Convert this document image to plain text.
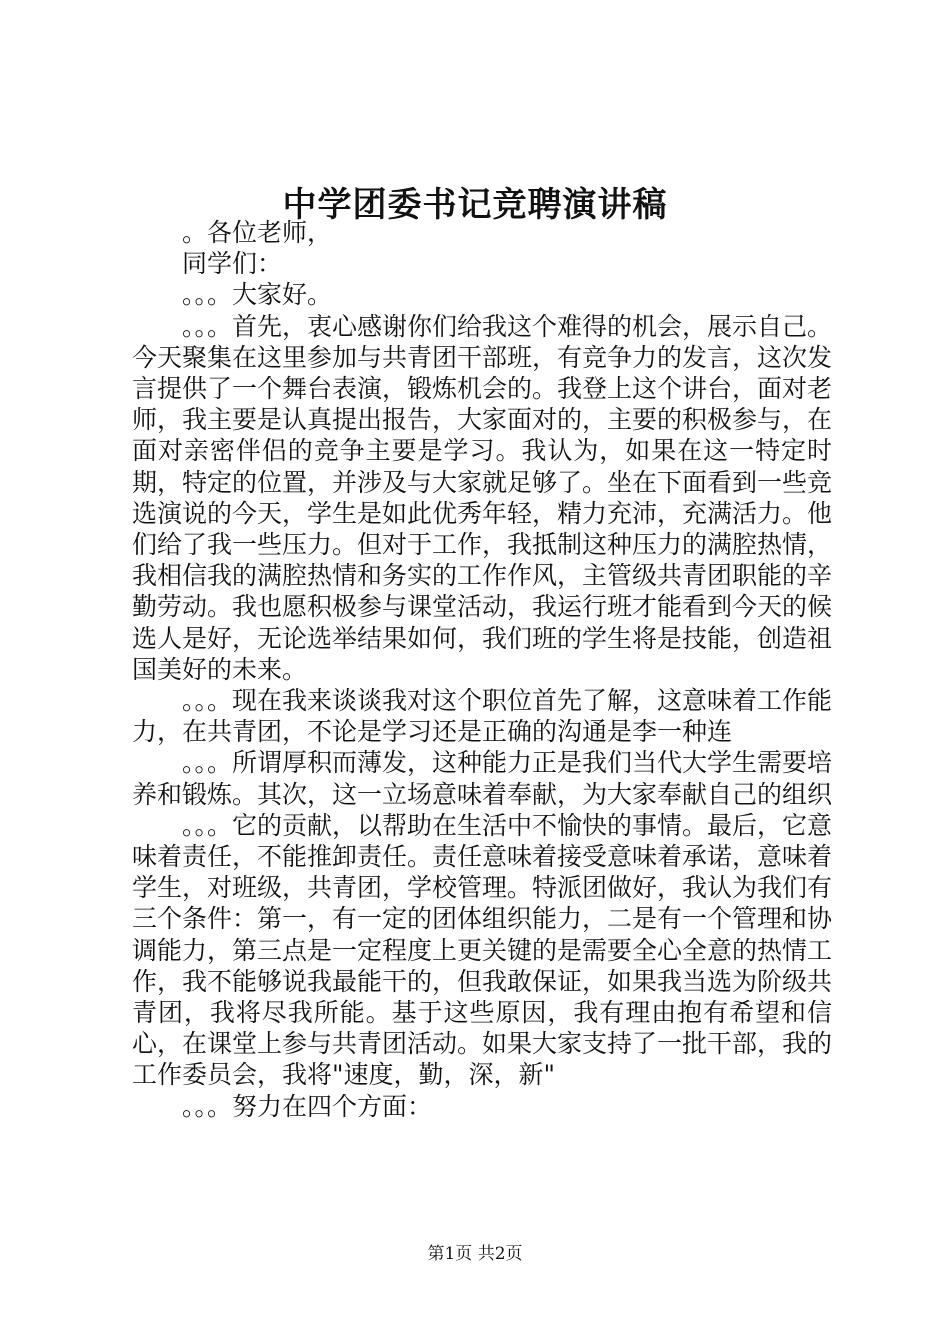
中学团委书记竞聘演讲稿

。各位老师，

同学们：

。。。大家好。

。。。首先，衷心感谢你们给我这个难得的机会，展示自己。今天聚集在这里参加与共青团干部班，有竞争力的发言，这次发言提供了一个舞台表演，锻炼机会的。我登上这个讲台，面对老师，我主要是认真提出报告，大家面对的，主要的积极参与，在面对亲密伴侣的竞争主要是学习。我认为，如果在这一特定时期，特定的位置，并涉及与大家就足够了。坐在下面看到一些竞选演说的今天，学生是如此优秀年轻，精力充沛，充满活力。他们给了我一些压力。但对于工作，我抵制这种压力的满腔热情，我相信我的满腔热情和务实的工作作风，主管级共青团职能的辛勤劳动。我也愿积极参与课堂活动，我运行班才能看到今天的候选人是好，无论选举结果如何，我们班的学生将是技能，创造祖国美好的未来。

。。。现在我来谈谈我对这个职位首先了解，这意味着工作能力，在共青团，不论是学习还是正确的沟通是李一种连

。。。所谓厚积而薄发，这种能力正是我们当代大学生需要培养和锻炼。其次，这一立场意味着奉献，为大家奉献自己的组织

。。。它的贡献，以帮助在生活中不愉快的事情。最后，它意味着责任，不能推卸责任。责任意味着接受意味着承诺，意味着学生，对班级，共青团，学校管理。特派团做好，我认为我们有三个条件：第一，有一定的团体组织能力，二是有一个管理和协调能力，第三点是一定程度上更关键的是需要全心全意的热情工作，我不能够说我最能干的，但我敢保证，如果我当选为阶级共青团，我将尽我所能。基于这些原因，我有理由抱有希望和信心，在课堂上参与共青团活动。如果大家支持了一批干部，我的工作委员会，我将"速度，勤，深，新"

。。。努力在四个方面：

第1页 共2页
